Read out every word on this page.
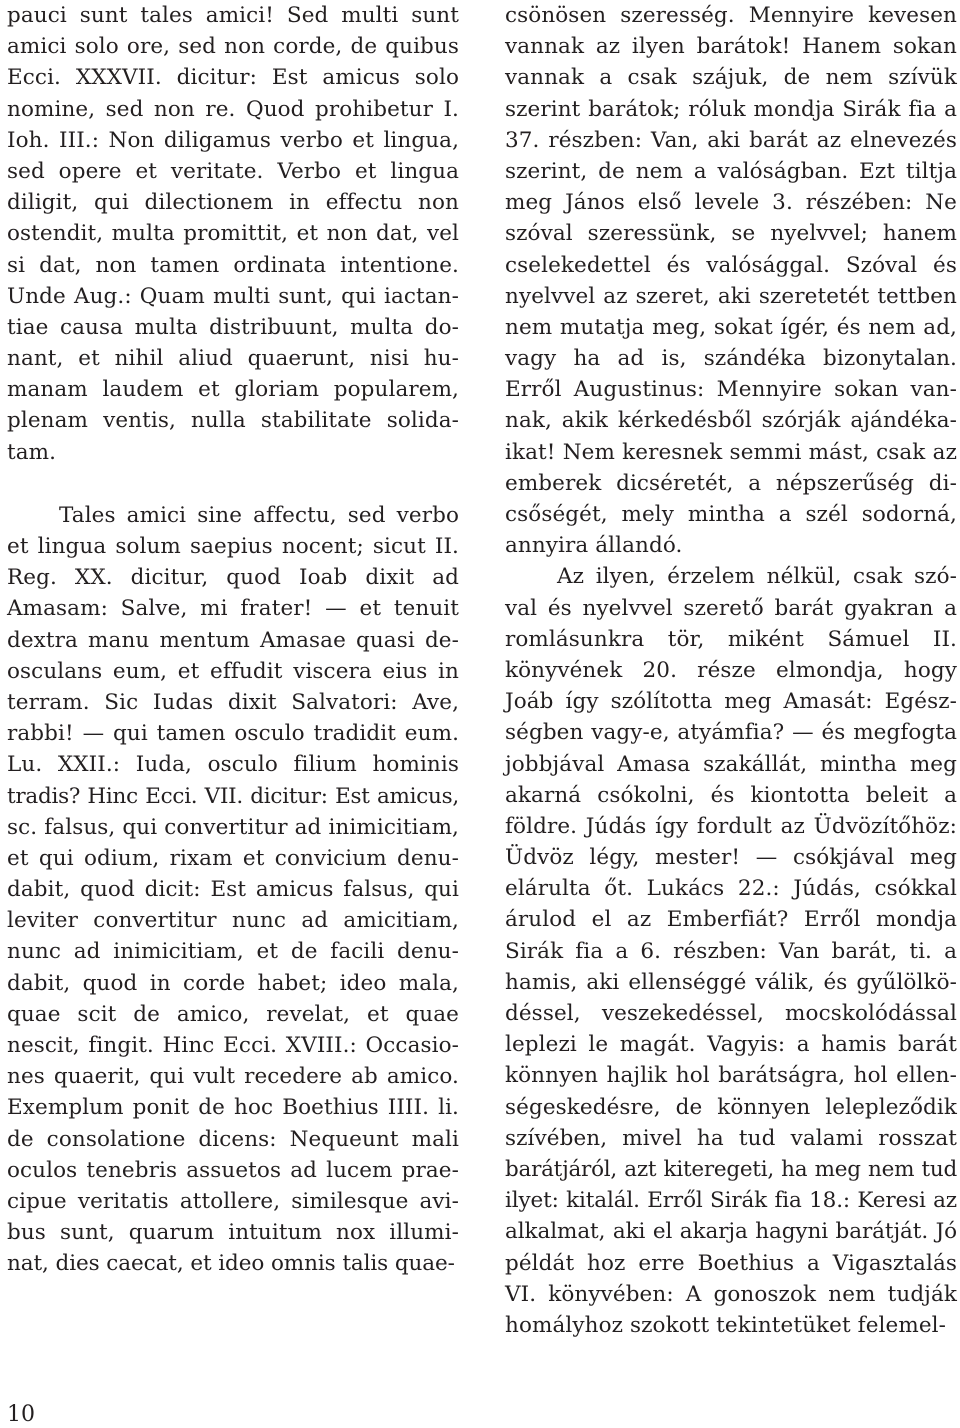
pauci sunt tales amici! Sed multi sunt
amici solo ore, sed non corde, de quibus
Ecci. XXXVII. dicitur: Est amicus solo
nomine, sed non re. Quod prohibetur I.
Ioh. III.: Non diligamus verbo et lingua,
sed opere et veritate. Verbo et lingua
diligit, qui dilectionem in effectu non
ostendit, multa promittit, et non dat, vel
si dat, non tamen ordinata intentione.
Unde Aug.: Quam multi sunt, qui iactan-
tiae causa multa distribuunt, multa do-
nant, et nihil aliud quaerunt, nisi hu-
manam laudem et gloriam popularem,
plenam ventis, nulla stabilitate solida-
tam.
Tales amici sine affectu, sed verbo
et lingua solum saepius nocent; sicut II.
Reg. XX. dicitur, quod Ioab dixit ad
Amasam: Salve, mi frater! — et tenuit
dextra manu mentum Amasae quasi de-
osculans eum, et effudit viscera eius in
terram. Sic Iudas dixit Salvatori: Ave,
rabbi! — qui tamen osculo tradidit eum.
Lu. XXII.: Iuda, osculo filium hominis
tradis? Hinc Ecci. VII. dicitur: Est amicus,
sc. falsus, qui convertitur ad inimicitiam,
et qui odium, rixam et convicium denu-
dabit, quod dicit: Est amicus falsus, qui
leviter convertitur nunc ad amicitiam,
nunc ad inimicitiam, et de facili denu-
dabit, quod in corde habet; ideo mala,
quae scit de amico, revelat, et quae
nescit, fingit. Hinc Ecci. XVIII.: Occasio-
nes quaerit, qui vult recedere ab amico.
Exemplum ponit de hoc Boethius IIII. li.
de consolatione dicens: Nequeunt mali
oculos tenebris assuetos ad lucem prae-
cipue veritatis attollere, similesque avi-
bus sunt, quarum intuitum nox illumi-
nat, dies caecat, et ideo omnis talis quae-
csönösen szeresség. Mennyire kevesen
vannak az ilyen barátok! Hanem sokan
vannak a csak szájuk, de nem szívük
szerint barátok; róluk mondja Sirák fia a
37. részben: Van, aki barát az elnevezés
szerint, de nem a valóságban. Ezt tiltja
meg János első levele 3. részében: Ne
szóval szeressünk, se nyelvvel; hanem
cselekedettel és valósággal. Szóval és
nyelvvel az szeret, aki szeretetét tettben
nem mutatja meg, sokat ígér, és nem ad,
vagy ha ad is, szándéka bizonytalan.
Erről Augustinus: Mennyire sokan van-
nak, akik kérkedésből szórják ajándéka-
ikat! Nem keresnek semmi mást, csak az
emberek dicséretét, a népszerűség di-
csőségét, mely mintha a szél sodorná,
annyira állandó.
Az ilyen, érzelem nélkül, csak szó-
val és nyelvvel szerető barát gyakran a
romlásunkra tör, miként Sámuel II.
könyvének 20. része elmondja, hogy
Joáb így szólította meg Amasát: Egész-
ségben vagy-e, atyámfia? — és megfogta
jobbjával Amasa szakállát, mintha meg
akarná csókolni, és kiontotta beleit a
földre. Júdás így fordult az Üdvözítőhöz:
Üdvöz légy, mester! — csókjával meg
elárulta őt. Lukács 22.: Júdás, csókkal
árulod el az Emberfiát? Erről mondja
Sirák fia a 6. részben: Van barát, ti. a
hamis, aki ellenséggé válik, és gyűlölkö-
déssel, veszekedéssel, mocskolódással
leplezi le magát. Vagyis: a hamis barát
könnyen hajlik hol barátságra, hol ellen-
ségeskedésre, de könnyen lelepleződik
szívében, mivel ha tud valami rosszat
barátjáról, azt kiteregeti, ha meg nem tud
ilyet: kitalál. Erről Sirák fia 18.: Keresi az
alkalmat, aki el akarja hagyni barátját. Jó
példát hoz erre Boethius a Vigasztalás
VI. könyvében: A gonoszok nem tudják
homályhoz szokott tekintetüket felemel-
10
